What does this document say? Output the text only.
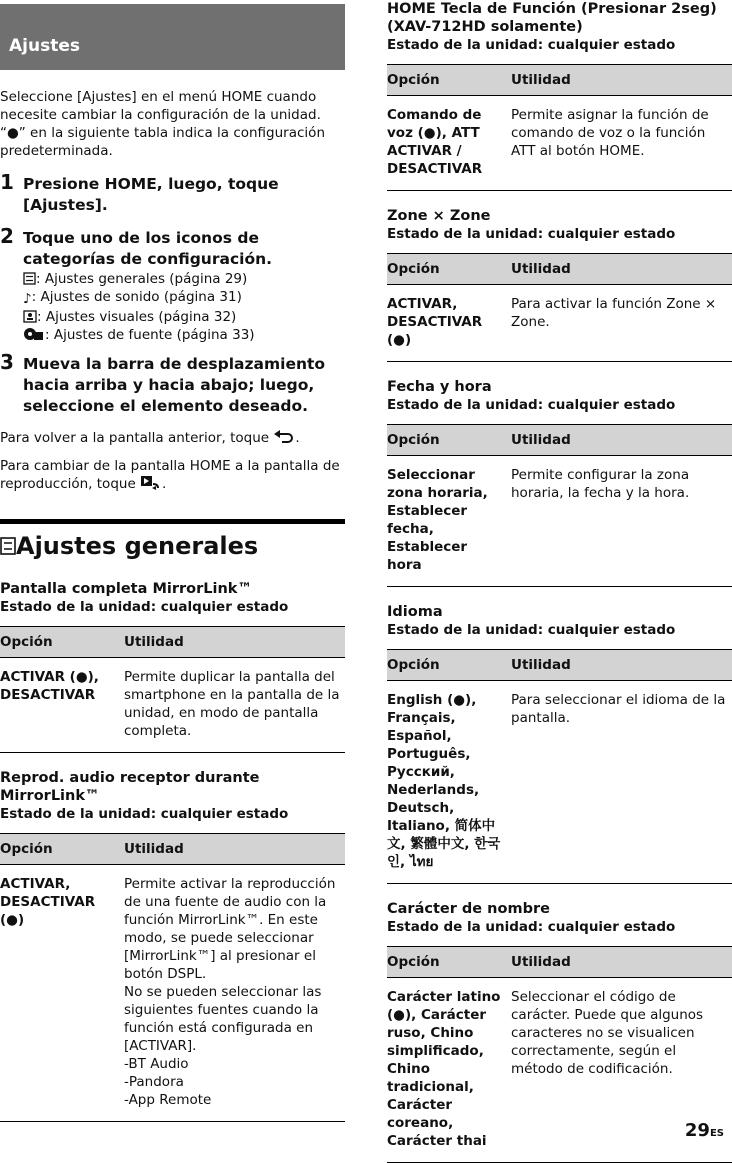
Ajustes

Seleccione [Ajustes] en el menú HOME cuando necesite cambiar la configuración de la unidad. “●” en la siguiente tabla indica la configuración predeterminada.

1 Presione HOME, luego, toque [Ajustes].
2 Toque uno de los iconos de categorías de configuración.
: Ajustes generales (página 29)
♪: Ajustes de sonido (página 31)
: Ajustes visuales (página 32)
: Ajustes de fuente (página 33)
3 Mueva la barra de desplazamiento hacia arriba y hacia abajo; luego, seleccione el elemento deseado.

Para volver a la pantalla anterior, toque .

Para cambiar de la pantalla HOME a la pantalla de reproducción, toque .

Ajustes generales
Pantalla completa MirrorLink™
Estado de la unidad: cualquier estado
Opción	Utilidad
ACTIVAR (●), DESACTIVAR	Permite duplicar la pantalla del smartphone en la pantalla de la unidad, en modo de pantalla completa.
Reprod. audio receptor durante MirrorLink™
Estado de la unidad: cualquier estado
Opción	Utilidad
ACTIVAR, DESACTIVAR (●)	Permite activar la reproducción de una fuente de audio con la función MirrorLink™. En este modo, se puede seleccionar [MirrorLink™] al presionar el botón DSPL.
No se pueden seleccionar las siguientes fuentes cuando la función está configurada en [ACTIVAR].
-BT Audio
-Pandora
-App Remote
HOME Tecla de Función (Presionar 2seg) (XAV-712HD solamente)
Estado de la unidad: cualquier estado
Opción	Utilidad
Comando de voz (●), ATT ACTIVAR / DESACTIVAR	Permite asignar la función de comando de voz o la función ATT al botón HOME.
Zone × Zone
Estado de la unidad: cualquier estado
Opción	Utilidad
ACTIVAR, DESACTIVAR (●)	Para activar la función Zone × Zone.
Fecha y hora
Estado de la unidad: cualquier estado
Opción	Utilidad
Seleccionar zona horaria, Establecer fecha, Establecer hora	Permite configurar la zona horaria, la fecha y la hora.
Idioma
Estado de la unidad: cualquier estado
Opción	Utilidad
English (●), Français, Español, Português, Русский, Nederlands, Deutsch, Italiano, 简体中文, 繁體中文, 한국인, ไทย	Para seleccionar el idioma de la pantalla.
Carácter de nombre
Estado de la unidad: cualquier estado
Opción	Utilidad
Carácter latino (●), Carácter ruso, Chino simplificado, Chino tradicional, Carácter coreano, Carácter thai	Seleccionar el código de carácter. Puede que algunos caracteres no se visualicen correctamente, según el método de codificación.
29ES
